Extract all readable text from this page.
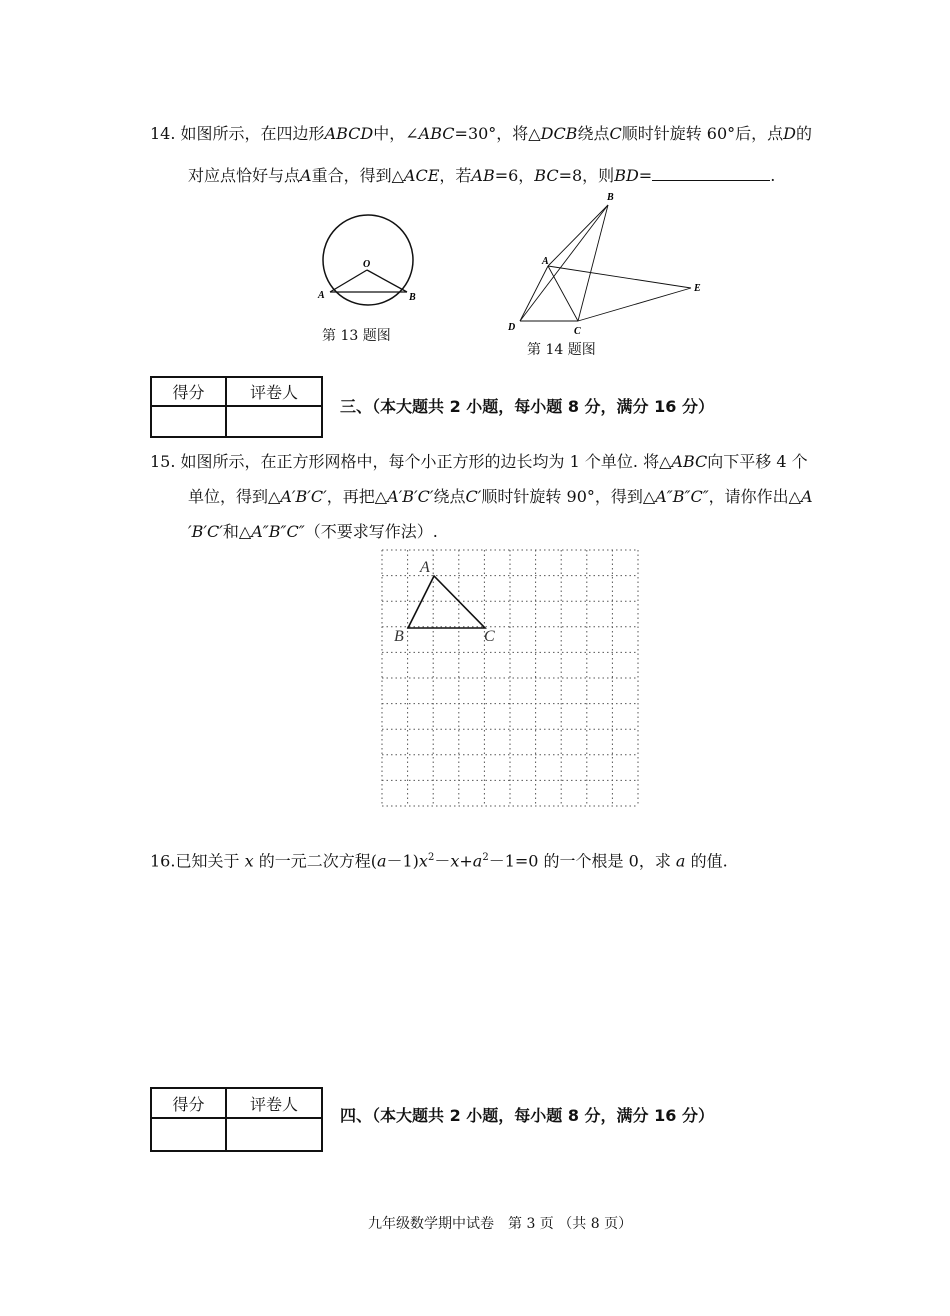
14. 如图所示，在四边形ABCD中，∠ABC=30°，将△DCB绕点C顺时针旋转 60°后，点D的
对应点恰好与点A重合，得到△ACE，若AB=6，BC=8，则BD=	.
O
A	B
第 13 题图
B
A
E
D	C
第 14 题图
得分	评卷人

三、（本大题共 2 小题，每小题 8 分，满分 16 分）
15. 如图所示，在正方形网格中，每个小正方形的边长均为 1 个单位. 将△ABC向下平移 4 个
单位，得到△A′B′C′，再把△A′B′C′绕点C′顺时针旋转 90°，得到△A″B″C″，请你作出△A
′B′C′和△A″B″C″（不要求写作法）.
A
B	C
16.已知关于 x 的一元二次方程$(a-1)x^2-x+a^2-1=0$ 的一个根是 0，求 a 的值.
得分	评卷人

四、（本大题共 2 小题，每小题 8 分，满分 16 分）
九年级数学期中试卷　第 3 页 （共 8 页）
